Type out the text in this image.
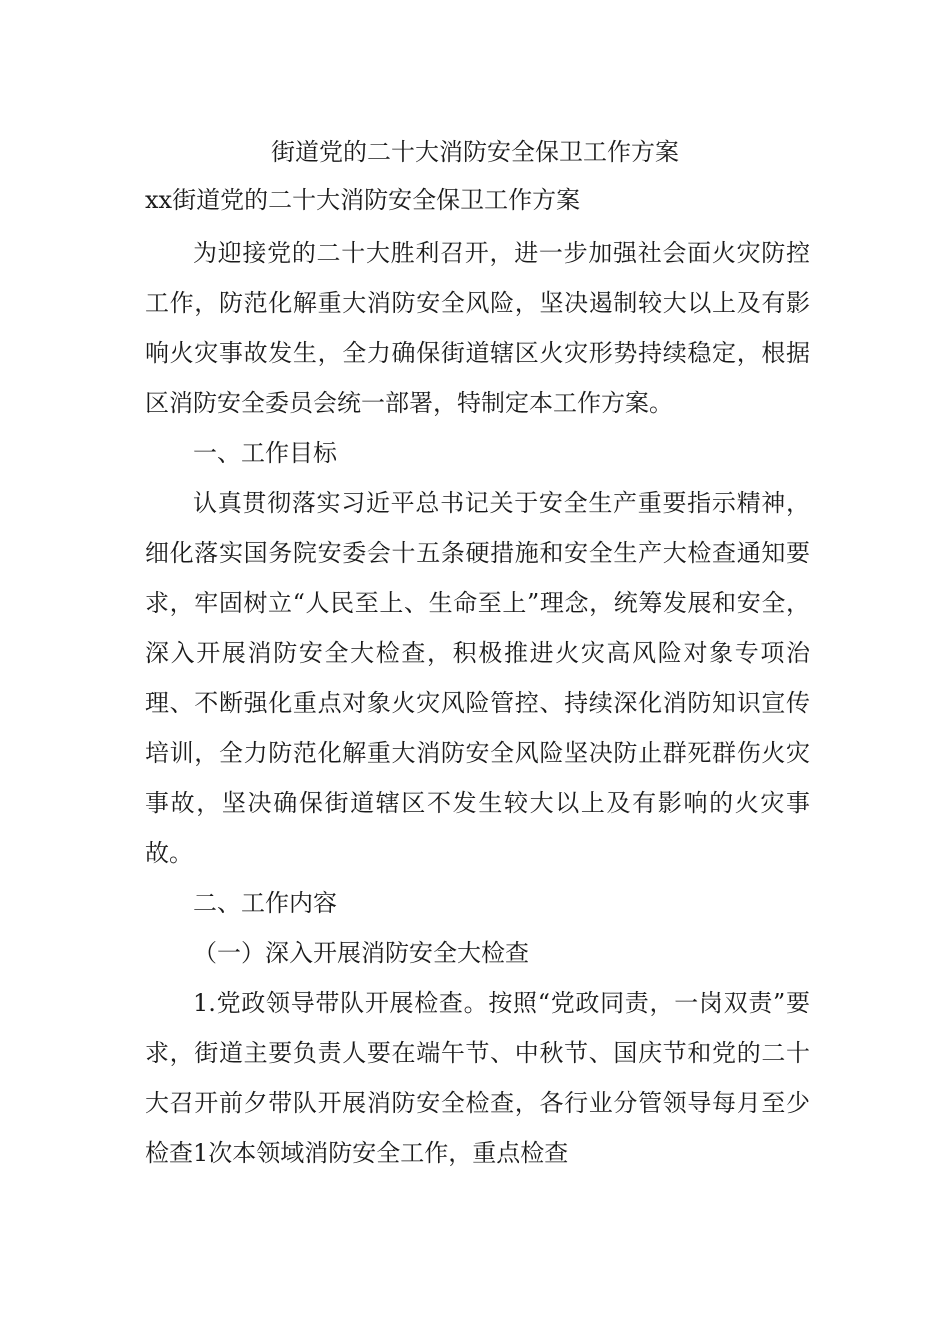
街道党的二十大消防安全保卫工作方案
xx街道党的二十大消防安全保卫工作方案

为迎接党的二十大胜利召开，进一步加强社会面火灾防控工作，防范化解重大消防安全风险，坚决遏制较大以上及有影响火灾事故发生，全力确保街道辖区火灾形势持续稳定，根据区消防安全委员会统一部署，特制定本工作方案。

一、工作目标

认真贯彻落实习近平总书记关于安全生产重要指示精神，细化落实国务院安委会十五条硬措施和安全生产大检查通知要求，牢固树立“人民至上、生命至上”理念，统筹发展和安全，深入开展消防安全大检查，积极推进火灾高风险对象专项治理、不断强化重点对象火灾风险管控、持续深化消防知识宣传培训，全力防范化解重大消防安全风险坚决防止群死群伤火灾事故，坚决确保街道辖区不发生较大以上及有影响的火灾事故。

二、工作内容

（一）深入开展消防安全大检查

1.党政领导带队开展检查。按照“党政同责，一岗双责”要求，街道主要负责人要在端午节、中秋节、国庆节和党的二十大召开前夕带队开展消防安全检查，各行业分管领导每月至少检查1次本领域消防安全工作，重点检查
